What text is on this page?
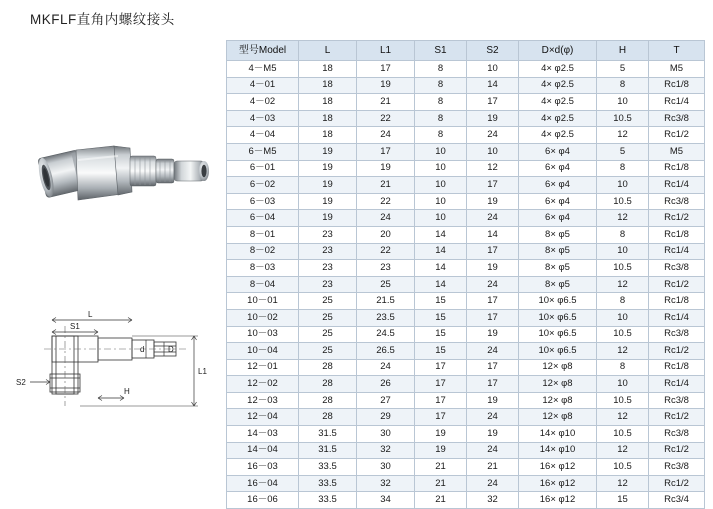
MKFLF直角内螺纹接头
L
S1
L1
S2
H
D
d
型号Model	L	L1	S1	S2	D×d(φ)	H	T
4－M5	18	17	8	10	4× φ2.5	5	M5
4－01	18	19	8	14	4× φ2.5	8	Rc1/8
4－02	18	21	8	17	4× φ2.5	10	Rc1/4
4－03	18	22	8	19	4× φ2.5	10.5	Rc3/8
4－04	18	24	8	24	4× φ2.5	12	Rc1/2
6－M5	19	17	10	10	6× φ4	5	M5
6－01	19	19	10	12	6× φ4	8	Rc1/8
6－02	19	21	10	17	6× φ4	10	Rc1/4
6－03	19	22	10	19	6× φ4	10.5	Rc3/8
6－04	19	24	10	24	6× φ4	12	Rc1/2
8－01	23	20	14	14	8× φ5	8	Rc1/8
8－02	23	22	14	17	8× φ5	10	Rc1/4
8－03	23	23	14	19	8× φ5	10.5	Rc3/8
8－04	23	25	14	24	8× φ5	12	Rc1/2
10－01	25	21.5	15	17	10× φ6.5	8	Rc1/8
10－02	25	23.5	15	17	10× φ6.5	10	Rc1/4
10－03	25	24.5	15	19	10× φ6.5	10.5	Rc3/8
10－04	25	26.5	15	24	10× φ6.5	12	Rc1/2
12－01	28	24	17	17	12× φ8	8	Rc1/8
12－02	28	26	17	17	12× φ8	10	Rc1/4
12－03	28	27	17	19	12× φ8	10.5	Rc3/8
12－04	28	29	17	24	12× φ8	12	Rc1/2
14－03	31.5	30	19	19	14× φ10	10.5	Rc3/8
14－04	31.5	32	19	24	14× φ10	12	Rc1/2
16－03	33.5	30	21	21	16× φ12	10.5	Rc3/8
16－04	33.5	32	21	24	16× φ12	12	Rc1/2
16－06	33.5	34	21	32	16× φ12	15	Rc3/4
